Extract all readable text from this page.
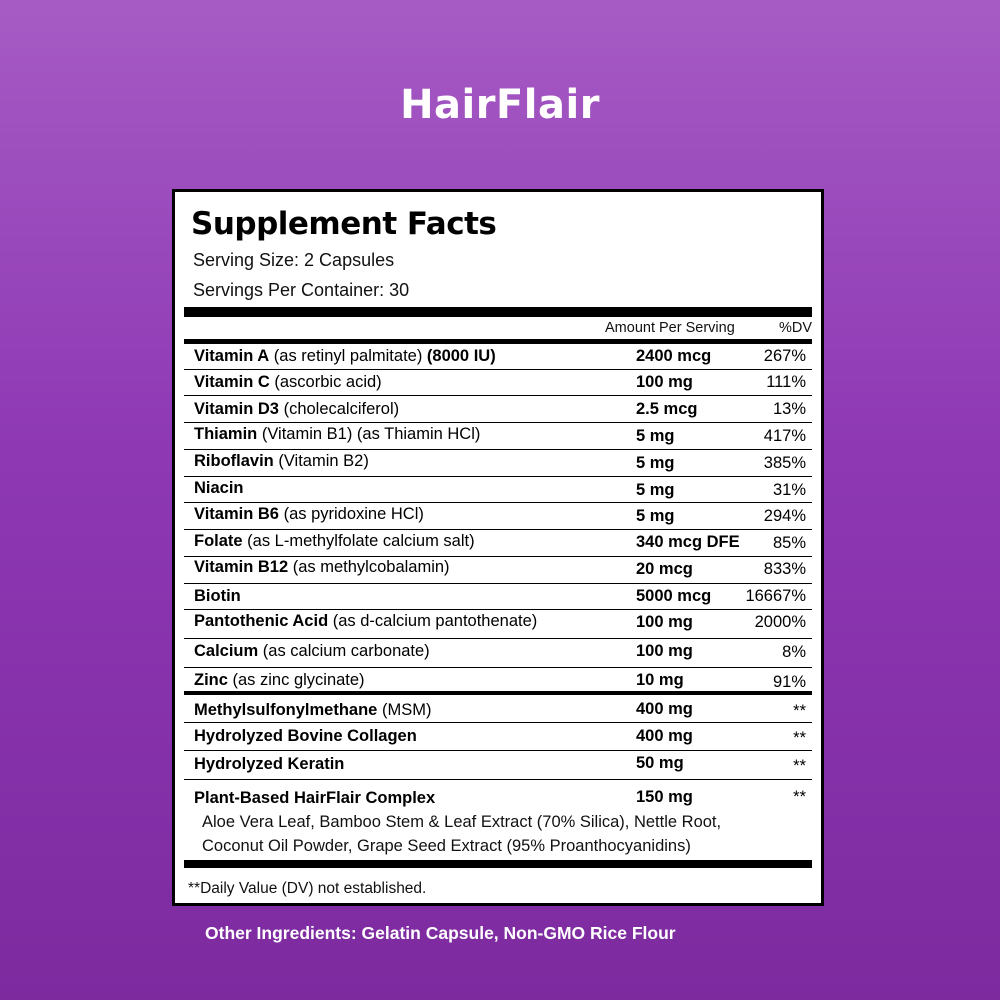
HairFlair
Supplement Facts
Serving Size: 2 Capsules
Servings Per Container: 30
Amount Per Serving	%DV
Vitamin A (as retinyl palmitate) (8000 IU)	2400 mcg	267%
Vitamin C (ascorbic acid)	100 mg	111%
Vitamin D3 (cholecalciferol)	2.5 mcg	13%
Thiamin (Vitamin B1) (as Thiamin HCl)	5 mg	417%
Riboflavin (Vitamin B2)	5 mg	385%
Niacin	5 mg	31%
Vitamin B6 (as pyridoxine HCl)	5 mg	294%
Folate (as L-methylfolate calcium salt)	340 mcg DFE 85%
Vitamin B12 (as methylcobalamin)	20 mcg	833%
Biotin	5000 mcg 16667%
Pantothenic Acid (as d-calcium pantothenate)	100 mg	2000%
Calcium (as calcium carbonate)	100 mg	8%
Zinc (as zinc glycinate)	10 mg	91%
Methylsulfonylmethane (MSM)	400 mg	**
Hydrolyzed Bovine Collagen	400 mg	**
Hydrolyzed Keratin	50 mg	**
Plant-Based HairFlair Complex	150 mg	**
Aloe Vera Leaf, Bamboo Stem & Leaf Extract (70% Silica), Nettle Root,
Coconut Oil Powder, Grape Seed Extract (95% Proanthocyanidins)
**Daily Value (DV) not established.
Other Ingredients: Gelatin Capsule, Non-GMO Rice Flour
